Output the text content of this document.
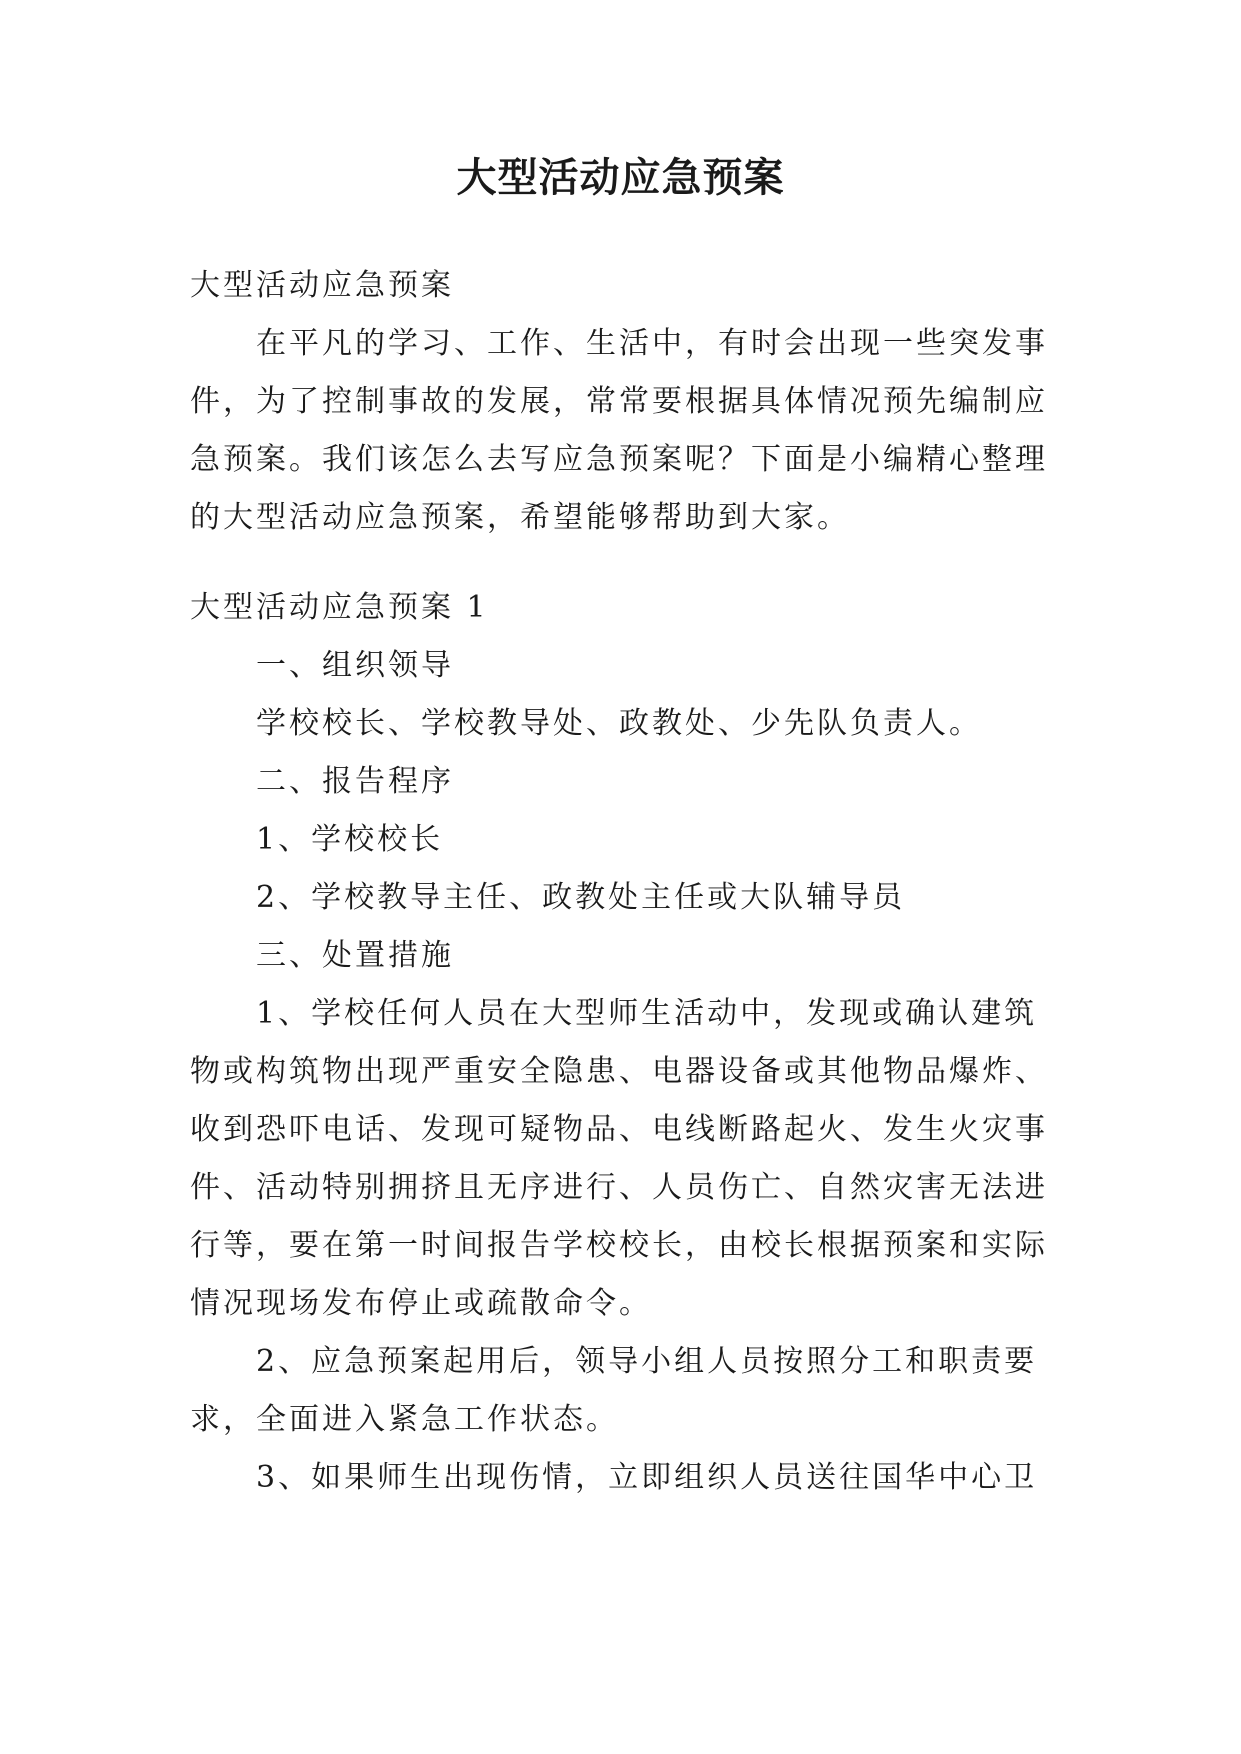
大型活动应急预案

大型活动应急预案

在平凡的学习、工作、生活中，有时会出现一些突发事

件，为了控制事故的发展，常常要根据具体情况预先编制应

急预案。我们该怎么去写应急预案呢？下面是小编精心整理

的大型活动应急预案，希望能够帮助到大家。

大型活动应急预案 1

一、组织领导

学校校长、学校教导处、政教处、少先队负责人。

二、报告程序

1、学校校长

2、学校教导主任、政教处主任或大队辅导员

三、处置措施

1、学校任何人员在大型师生活动中，发现或确认建筑

物或构筑物出现严重安全隐患、电器设备或其他物品爆炸、

收到恐吓电话、发现可疑物品、电线断路起火、发生火灾事

件、活动特别拥挤且无序进行、人员伤亡、自然灾害无法进

行等，要在第一时间报告学校校长，由校长根据预案和实际

情况现场发布停止或疏散命令。

2、应急预案起用后，领导小组人员按照分工和职责要

求，全面进入紧急工作状态。

3、如果师生出现伤情，立即组织人员送往国华中心卫
